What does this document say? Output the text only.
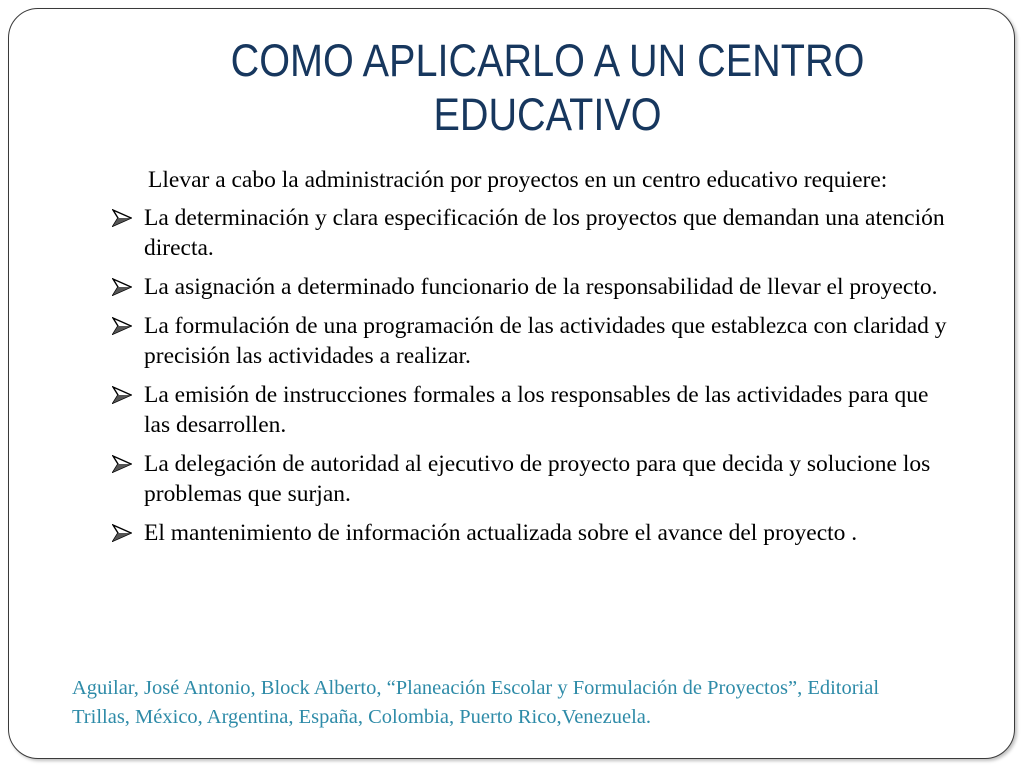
COMO APLICARLO A UN CENTRO
EDUCATIVO

Llevar a cabo la administración por proyectos en un centro educativo requiere:

La determinación y clara especificación de los proyectos que demandan una atención directa.
La asignación a determinado funcionario de la responsabilidad de llevar el proyecto.
La formulación de una programación de las actividades que establezca con claridad y precisión las actividades a realizar.
La emisión de instrucciones formales a los responsables de las actividades para que las desarrollen.
La delegación de autoridad al ejecutivo de proyecto para que decida y solucione los problemas que surjan.
El mantenimiento de información actualizada sobre el avance del proyecto .

Aguilar, José Antonio, Block Alberto, “Planeación Escolar y Formulación de Proyectos”, Editorial
Trillas, México, Argentina, España, Colombia, Puerto Rico,Venezuela.
